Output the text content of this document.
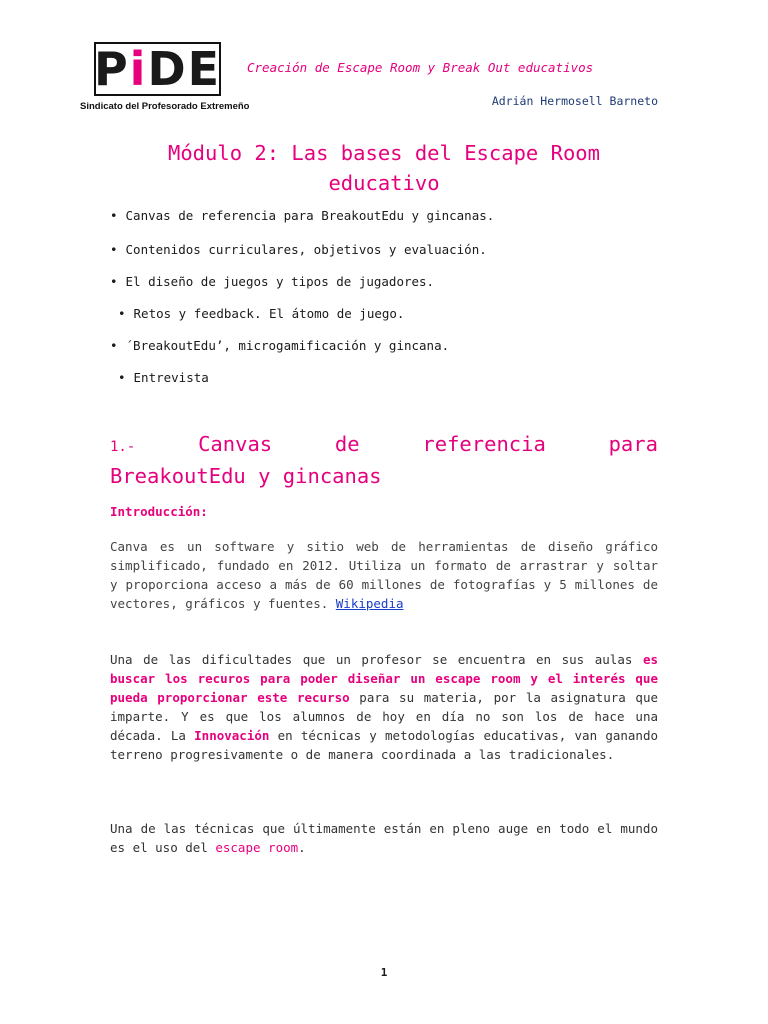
PiDE
Sindicato del Profesorado Extremeño
Creación de Escape Room y Break Out educativos
Adrián Hermosell Barneto
Módulo 2: Las bases del Escape Room educativo
• Canvas de referencia para BreakoutEdu y gincanas.
• Contenidos curriculares, objetivos y evaluación.
• El diseño de juegos y tipos de jugadores.
• Retos y feedback. El átomo de juego.
• ´BreakoutEdu’, microgamificación y gincana.
• Entrevista
1.-	Canvas	de	referencia	para
BreakoutEdu y gincanas
Introducción:

Canva es un software y sitio web de herramientas de diseño gráfico simplificado, fundado en 2012. Utiliza un formato de arrastrar y soltar y proporciona acceso a más de 60 millones de fotografías y 5 millones de vectores, gráficos y fuentes. Wikipedia

Una de las dificultades que un profesor se encuentra en sus aulas es buscar los recuros para poder diseñar un escape room y el interés que pueda proporcionar este recurso para su materia, por la asignatura que imparte. Y es que los alumnos de hoy en día no son los de hace una década. La Innovación en técnicas y metodologías educativas, van ganando terreno progresivamente o de manera coordinada a las tradicionales.

Una de las técnicas que últimamente están en pleno auge en todo el mundo es el uso del escape room.

1
